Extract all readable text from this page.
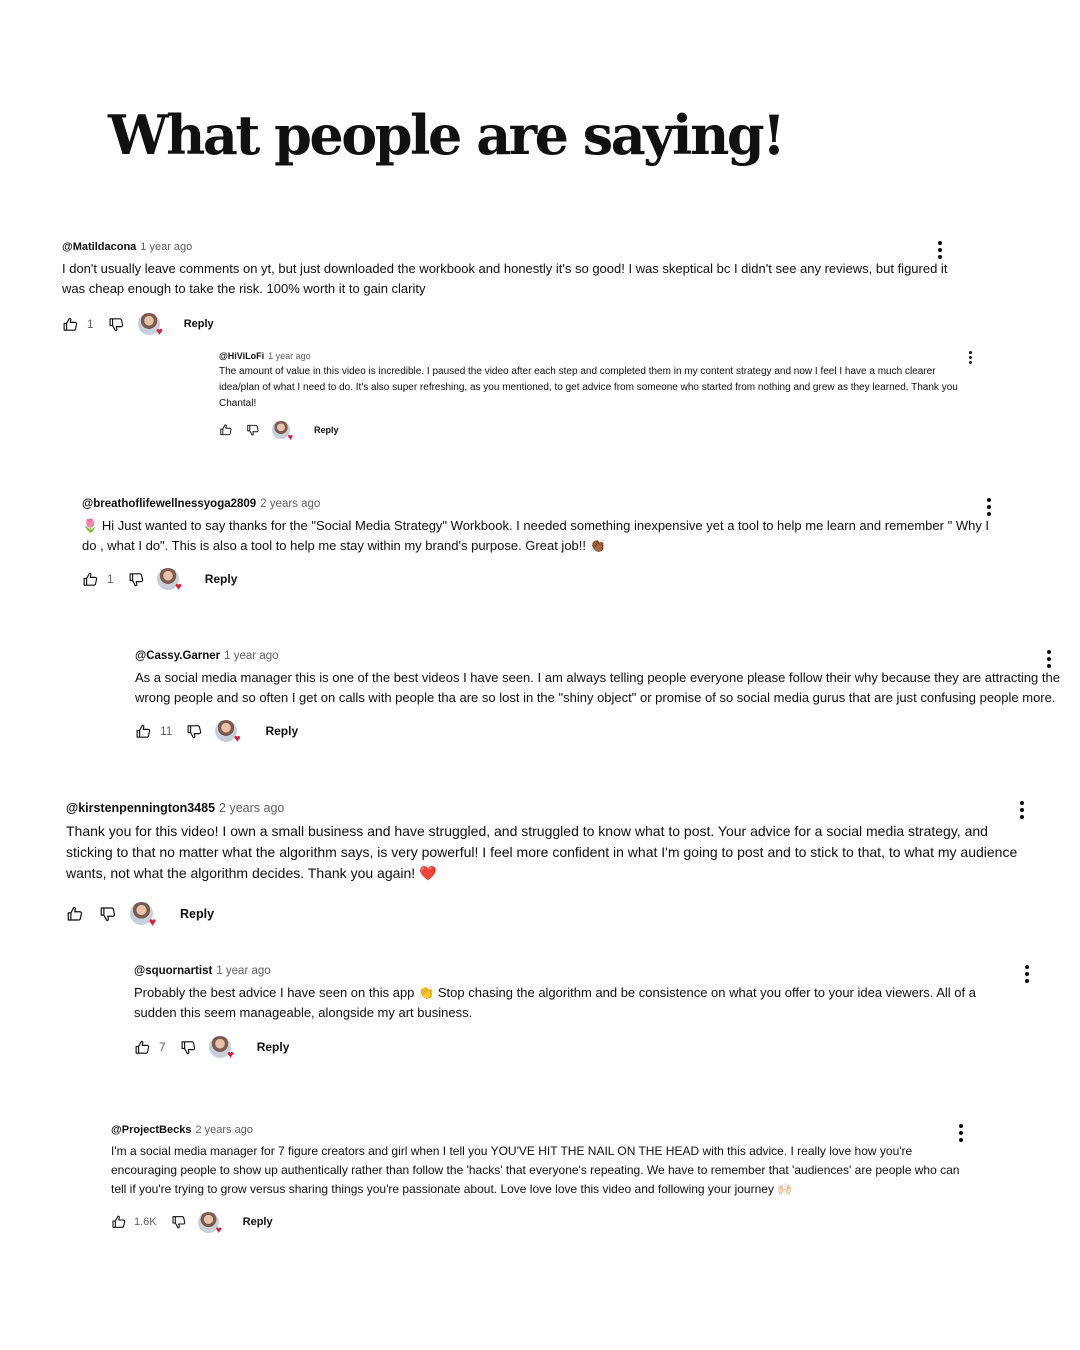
What people are saying!
@Matildacona 1 year ago
I don't usually leave comments on yt, but just downloaded the workbook and honestly it's so good! I was skeptical bc I didn't see any reviews, but figured it was cheap enough to take the risk. 100% worth it to gain clarity
1
♥
Reply
@HiViLoFi 1 year ago
The amount of value in this video is incredible. I paused the video after each step and completed them in my content strategy and now I feel I have a much clearer idea/plan of what I need to do. It's also super refreshing, as you mentioned, to get advice from someone who started from nothing and grew as they learned. Thank you Chantal!
♥
Reply
@breathoflifewellnessyoga2809 2 years ago
🌷 Hi Just wanted to say thanks for the "Social Media Strategy" Workbook. I needed something inexpensive yet a tool to help me learn and remember " Why I do , what I do". This is also a tool to help me stay within my brand's purpose. Great job!! 👏🏾
1
♥
Reply
@Cassy.Garner 1 year ago
As a social media manager this is one of the best videos I have seen. I am always telling people everyone please follow their why because they are attracting the wrong people and so often I get on calls with people tha are so lost in the "shiny object" or promise of so social media gurus that are just confusing people more.
11
♥
Reply
@kirstenpennington3485 2 years ago
Thank you for this video! I own a small business and have struggled, and struggled to know what to post. Your advice for a social media strategy, and sticking to that no matter what the algorithm says, is very powerful! I feel more confident in what I'm going to post and to stick to that, to what my audience wants, not what the algorithm decides. Thank you again! ❤️
♥
Reply
@squornartist 1 year ago
Probably the best advice I have seen on this app 👏 Stop chasing the algorithm and be consistence on what you offer to your idea viewers. All of a sudden this seem manageable, alongside my art business.
7
♥
Reply
@ProjectBecks 2 years ago
I'm a social media manager for 7 figure creators and girl when I tell you YOU'VE HIT THE NAIL ON THE HEAD with this advice. I really love how you're encouraging people to show up authentically rather than follow the 'hacks' that everyone's repeating. We have to remember that 'audiences' are people who can tell if you're trying to grow versus sharing things you're passionate about. Love love love this video and following your journey 🙌🏻
1.6K
♥
Reply
